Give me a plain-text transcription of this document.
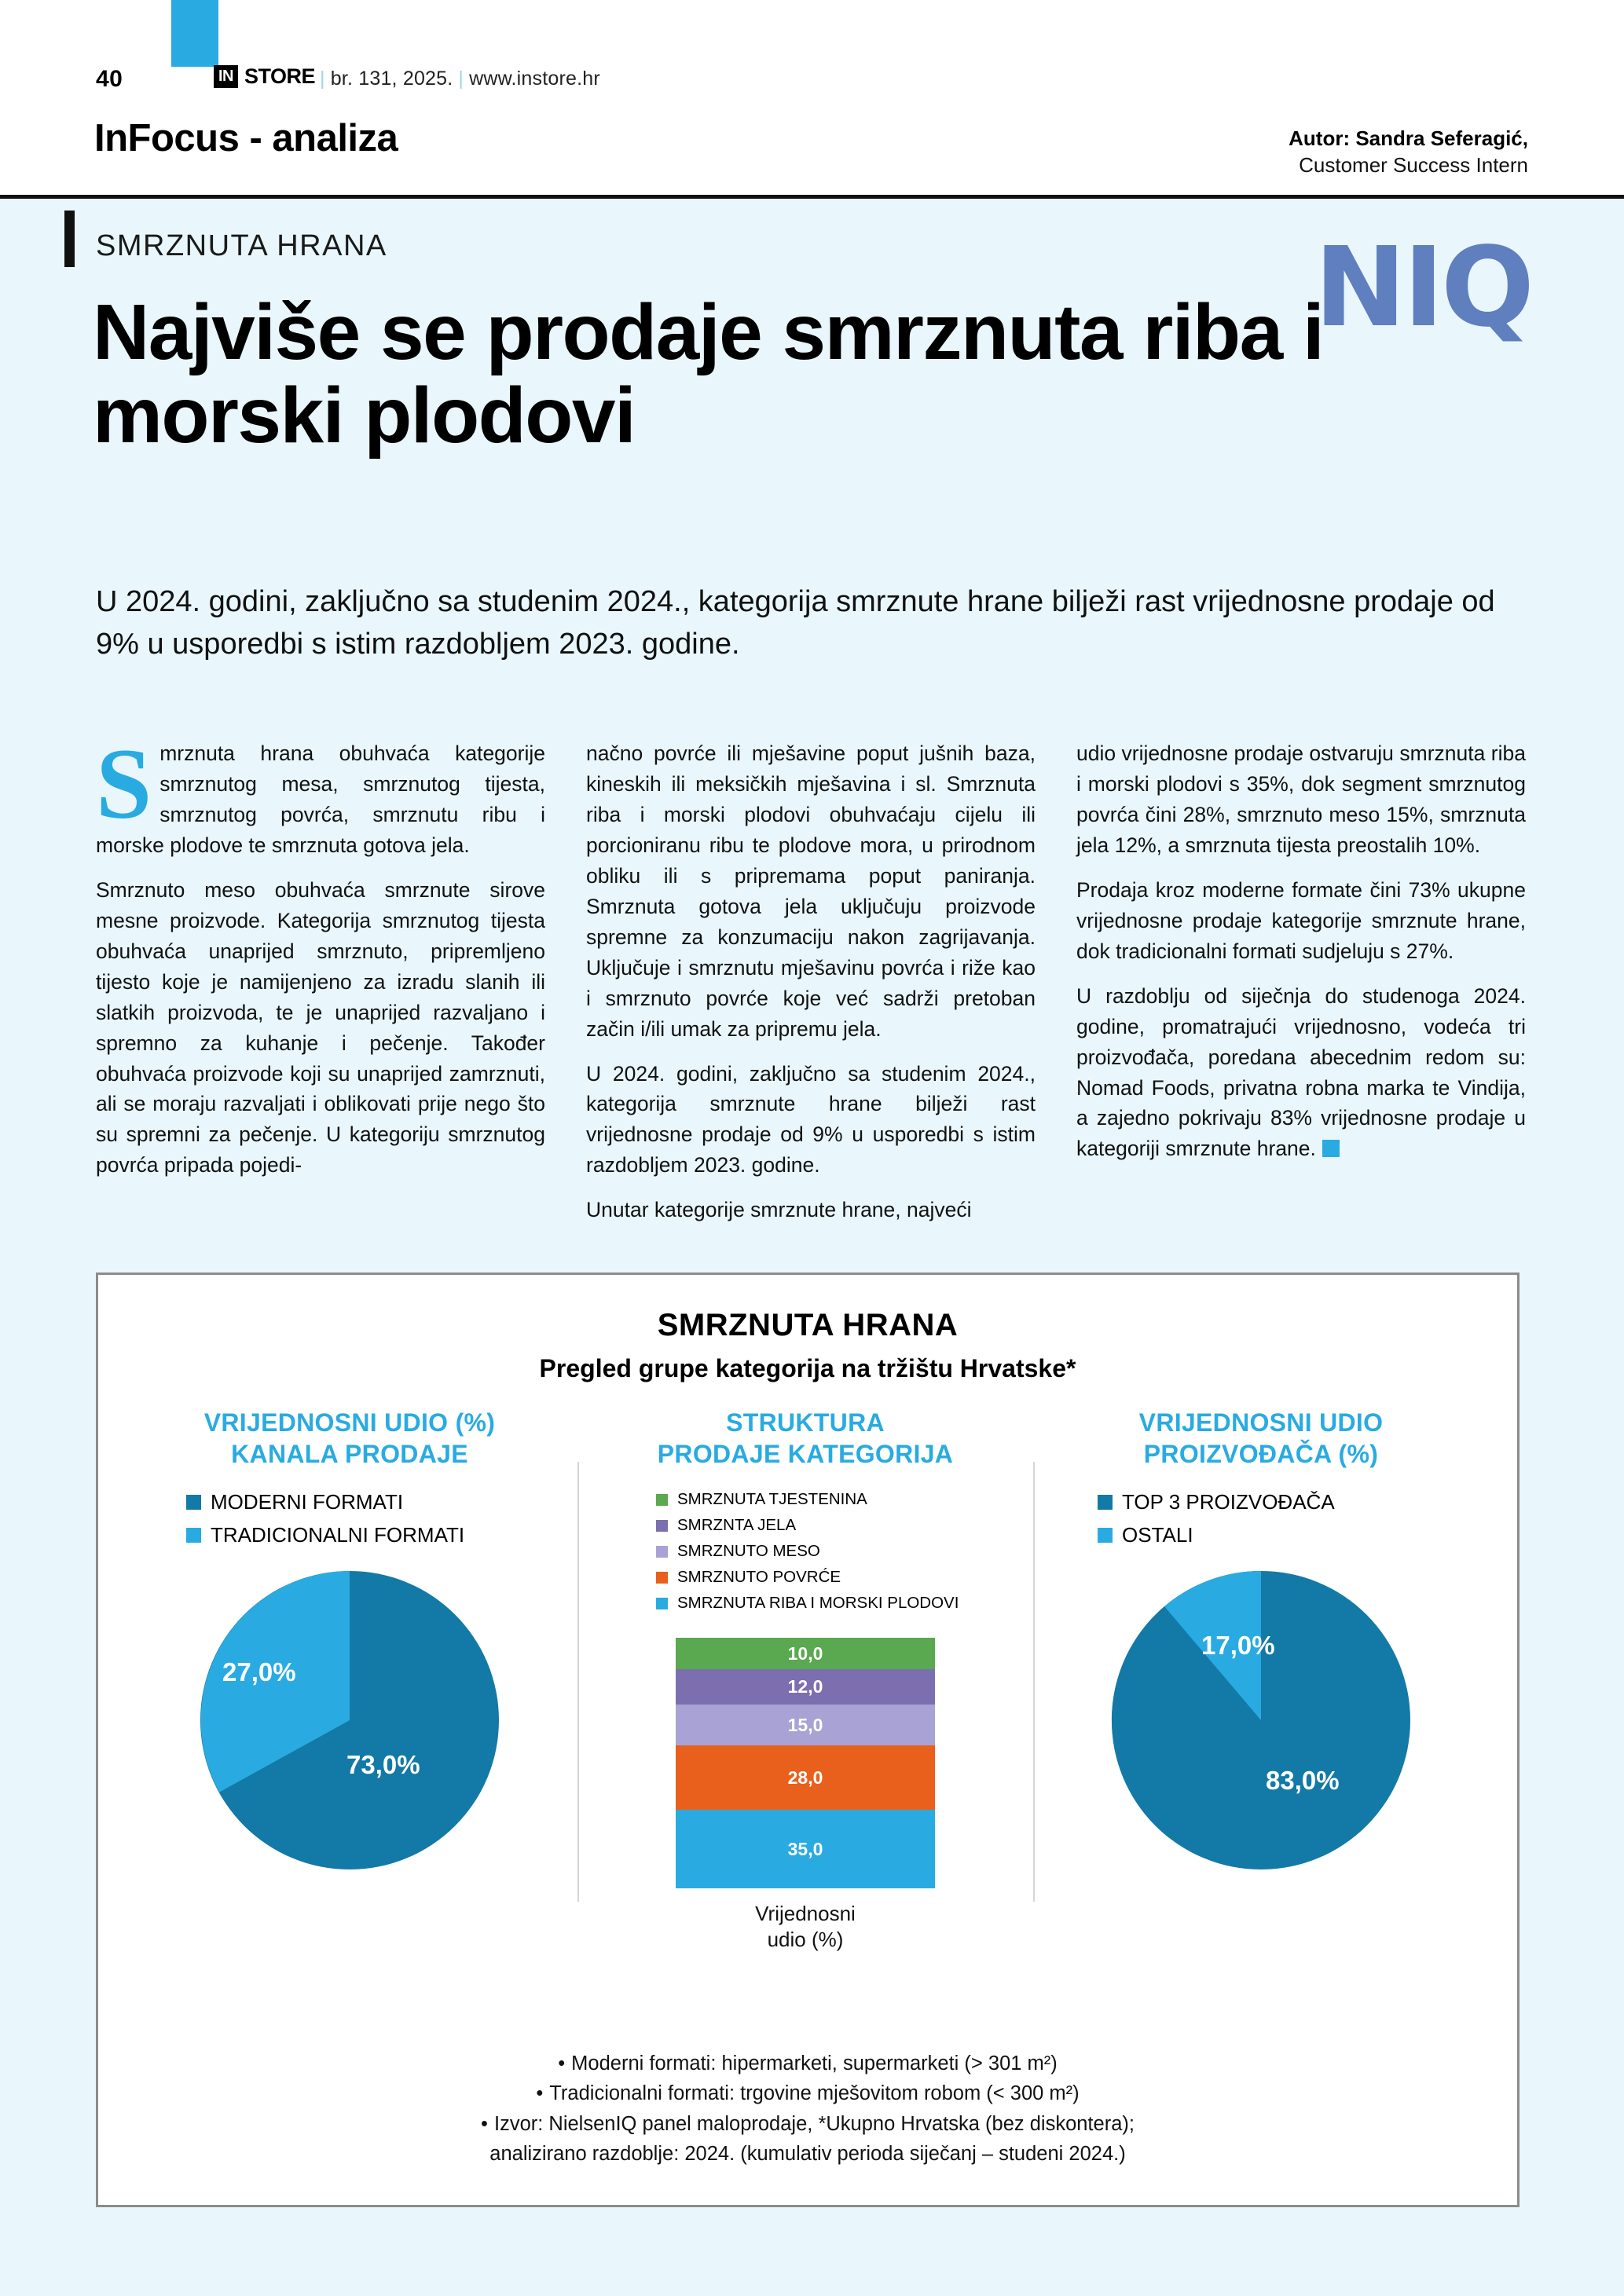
40	IN STORE | br. 131, 2025. | www.instore.hr
InFocus - analiza	Autor: Sandra Seferagić,
Customer Success Intern
SMRZNUTA HRANA	NIQ
Najviše se prodaje smrznuta riba i morski plodovi
U 2024. godini, zaključno sa studenim 2024., kategorija smrznute hrane bilježi rast vrijednosne prodaje od 9% u usporedbi s istim razdobljem 2023. godine.

Smrznuta hrana obuhvaća kategorije smrznutog mesa, smrznutog tijesta, smrznutog povrća, smrznutu ribu i morske plodove te smrznuta gotova jela.

Smrznuto meso obuhvaća smrznute sirove mesne proizvode. Kategorija smrznutog tijesta obuhvaća unaprijed smrznuto, pripremljeno tijesto koje je namijenjeno za izradu slanih ili slatkih proizvoda, te je unaprijed razvaljano i spremno za kuhanje i pečenje. Također obuhvaća proizvode koji su unaprijed zamrznuti, ali se moraju razvaljati i oblikovati prije nego što su spremni za pečenje. U kategoriju smrznutog povrća pripada pojedi-

načno povrće ili mješavine poput jušnih baza, kineskih ili meksičkih mješavina i sl. Smrznuta riba i morski plodovi obuhvaćaju cijelu ili porcioniranu ribu te plodove mora, u prirodnom obliku ili s pripremama poput paniranja. Smrznuta gotova jela uključuju proizvode spremne za konzumaciju nakon zagrijavanja. Uključuje i smrznutu mješavinu povrća i riže kao i smrznuto povrće koje već sadrži pretoban začin i/ili umak za pripremu jela.

U 2024. godini, zaključno sa studenim 2024., kategorija smrznute hrane bilježi rast vrijednosne prodaje od 9% u usporedbi s istim razdobljem 2023. godine.

Unutar kategorije smrznute hrane, najveći

udio vrijednosne prodaje ostvaruju smrznuta riba i morski plodovi s 35%, dok segment smrznutog povrća čini 28%, smrznuto meso 15%, smrznuta jela 12%, a smrznuta tijesta preostalih 10%.

Prodaja kroz moderne formate čini 73% ukupne vrijednosne prodaje kategorije smrznute hrane, dok tradicionalni formati sudjeluju s 27%.

U razdoblju od siječnja do studenoga 2024. godine, promatrajući vrijednosno, vodeća tri proizvođača, poredana abecednim redom su: Nomad Foods, privatna robna marka te Vindija, a zajedno pokrivaju 83% vrijednosne prodaje u kategoriji smrznute hrane.

SMRZNUTA HRANA
Pregled grupe kategorija na tržištu Hrvatske*
VRIJEDNOSNI UDIO (%)
KANALA PRODAJE
MODERNI FORMATI
TRADICIONALNI FORMATI
27,0%
73,0%
STRUKTURA
PRODAJE KATEGORIJA
SMRZNUTA TJESTENINA
SMRZNTA JELA
SMRZNUTO MESO
SMRZNUTO POVRĆE
SMRZNUTA RIBA I MORSKI PLODOVI
10,0
12,0
15,0
28,0
35,0
Vrijednosni
udio (%)
VRIJEDNOSNI UDIO
PROIZVOĐAČA (%)
TOP 3 PROIZVOĐAČA
OSTALI
17,0%
83,0%
• Moderni formati: hipermarketi, supermarketi (> 301 m²)
• Tradicionalni formati: trgovine mješovitom robom (< 300 m²)
• Izvor: NielsenIQ panel maloprodaje, *Ukupno Hrvatska (bez diskontera);
analizirano razdoblje: 2024. (kumulativ perioda siječanj – studeni 2024.)
